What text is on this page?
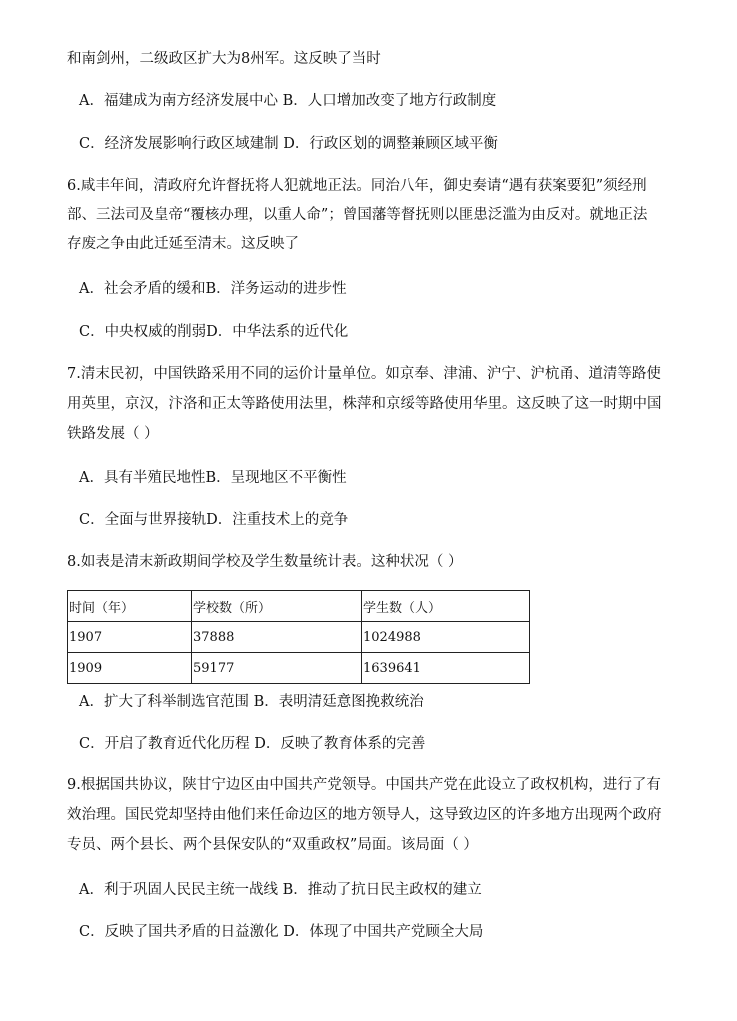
和南剑州，二级政区扩大为8州军。这反映了当时
A．福建成为南方经济发展中心 B．人口增加改变了地方行政制度
C．经济发展影响行政区域建制 D．行政区划的调整兼顾区域平衡
6.咸丰年间，清政府允许督抚将人犯就地正法。同治八年，御史奏请“遇有获案要犯”须经刑
部、三法司及皇帝“覆核办理，以重人命”；曾国藩等督抚则以匪患泛滥为由反对。就地正法
存废之争由此迁延至清末。这反映了
A．社会矛盾的缓和B．洋务运动的进步性
C．中央权威的削弱D．中华法系的近代化
7.清末民初，中国铁路采用不同的运价计量单位。如京奉、津浦、沪宁、沪杭甬、道清等路使
用英里，京汉，汴洛和正太等路使用法里，株萍和京绥等路使用华里。这反映了这一时期中国
铁路发展（ ）
A．具有半殖民地性B．呈现地区不平衡性
C．全面与世界接轨D．注重技术上的竞争
8.如表是清末新政期间学校及学生数量统计表。这种状况（ ）
时间（年）	学校数（所）	学生数（人）
1907	37888	1024988
1909	59177	1639641
A．扩大了科举制选官范围 B．表明清廷意图挽救统治
C．开启了教育近代化历程 D．反映了教育体系的完善
9.根据国共协议，陕甘宁边区由中国共产党领导。中国共产党在此设立了政权机构，进行了有
效治理。国民党却坚持由他们来任命边区的地方领导人，这导致边区的许多地方出现两个政府
专员、两个县长、两个县保安队的“双重政权”局面。该局面（ ）
A．利于巩固人民民主统一战线 B．推动了抗日民主政权的建立
C．反映了国共矛盾的日益激化 D．体现了中国共产党顾全大局
